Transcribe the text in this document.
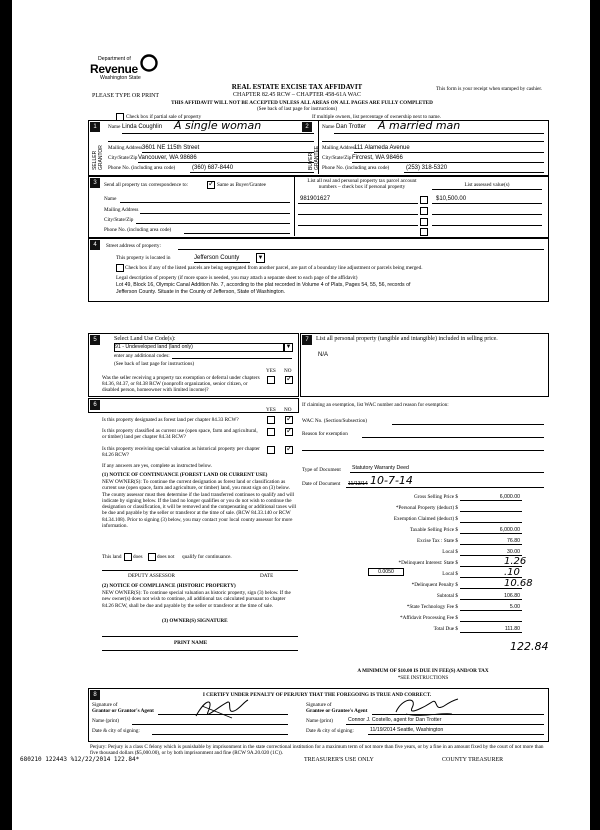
Department of
Revenue
Washington State
PLEASE TYPE OR PRINT
REAL ESTATE EXCISE TAX AFFIDAVIT
CHAPTER 82.45 RCW – CHAPTER 458-61A WAC
THIS AFFIDAVIT WILL NOT BE ACCEPTED UNLESS ALL AREAS ON ALL PAGES ARE FULLY COMPLETED
(See back of last page for instructions)
This form is your receipt when stamped by cashier.
Check box if partial sale of property	If multiple owners, list percentage of ownership next to name.
1
SELLER GRANTOR
Name Linda Coughlin A single woman
Mailing Address 3601 NE 115th Street
City/State/Zip Vancouver, WA 98686
Phone No. (including area code)	(360) 687-8440
2
BUYER GRANTEE
Name Dan Trotter A married man
Mailing Address
111 Alameda Avenue
City/State/Zip Fircrest, WA 98466
Phone No. (including area code)	(253) 318-5320
3	Send all property tax correspondence to: ✓	Same as Buyer/Grantee
Name
Mailing Address
City/State/Zip
Phone No. (including area code)
List all real and personal property tax parcel account numbers – check box if personal property	List assessed value(s)
981901627	$10,500.00
4	Street address of property:
This property is located in	Jefferson County	▼
Check box if any of the listed parcels are being segregated from another parcel, are part of a boundary line adjustment or parcels being merged.
Legal description of property (if more space is needed, you may attach a separate sheet to each page of the affidavit)
Lot 49, Block 16, Olympic Canal Addition No. 7, according to the plat recorded in Volume 4 of Plats, Pages 54, 55, 56, records of
Jefferson County. Situate in the County of Jefferson, State of Washington.
5	Select Land Use Code(s):
91 - Undeveloped land (land only)	▼
enter any additional codes:
(See back of last page for instructions)
YES NO
Was the seller receiving a property tax exemption or deferral under chapters 84.36, 84.37, or 84.38 RCW (nonprofit organization, senior citizen, or disabled person, homeowner with limited income)?
✓
7	List all personal property (tangible and intangible) included in selling price.
N/A
6
YES NO
Is this property designated as forest land per chapter 84.33 RCW?
✓
Is this property classified as current use (open space, farm and agricultural, or timber) land per chapter 84.34 RCW?
✓
Is this property receiving special valuation as historical property per chapter 84.26 RCW?
✓
If any answers are yes, complete as instructed below.
(1) NOTICE OF CONTINUANCE (FOREST LAND OR CURRENT USE)
NEW OWNER(S): To continue the current designation as forest land or classification as current use (open space, farm and agriculture, or timber) land, you must sign on (3) below. The county assessor must then determine if the land transferred continues to qualify and will indicate by signing below. If the land no longer qualifies or you do not wish to continue the designation or classification, it will be removed and the compensating or additional taxes will be due and payable by the seller or transferor at the time of sale. (RCW 84.33.140 or RCW 84.34.108). Prior to signing (3) below, you may contact your local county assessor for more information.
This land does	does not qualify for continuance.
DEPUTY ASSESSOR	DATE
(2) NOTICE OF COMPLIANCE (HISTORIC PROPERTY)
NEW OWNER(S): To continue special valuation as historic property, sign (3) below. If the new owner(s) does not wish to continue, all additional tax calculated pursuant to chapter 84.26 RCW, shall be due and payable by the seller or transferor at the time of sale.
(3) OWNER(S) SIGNATURE
PRINT NAME
If claiming an exemption, list WAC number and reason for exemption:
WAC No. (Section/Subsection)
Reason for exemption
Type of Document Statutory Warranty Deed
Date of Document 11/13/14 10-7-14
Gross Selling Price $	6,000.00
*Personal Property (deduct) $
Exemption Claimed (deduct) $
Taxable Selling Price $	6,000.00
Excise Tax : State $	76.80
Local $	30.00
*Delinquent Interest: State $	1.26
Local $	.10
*Delinquent Penalty $	10.68
Subtotal $	106.80
*State Technology Fee $	5.00
*Affidavit Processing Fee $
Total Due $	111.80
0.0050
122.84
A MINIMUM OF $10.00 IS DUE IN FEE(S) AND/OR TAX
*SEE INSTRUCTIONS
8	I CERTIFY UNDER PENALTY OF PERJURY THAT THE FOREGOING IS TRUE AND CORRECT.
Signature of
Grantor or Grantor's Agent
Name (print)
Date & city of signing:
Signature of
Grantee or Grantee's Agent
Name (print)	Connor J. Costello, agent for Dan Trotter
Date & city of signing:	11/19/2014 Seattle, Washington
Perjury: Perjury is a class C felony which is punishable by imprisonment in the state correctional institution for a maximum term of not more than five years, or by a fine in an amount fixed by the court of not more than five thousand dollars ($5,000.00), or by both imprisonment and fine (RCW 9A.20.020 (1C)).
680210 122443 %12/22/2014 122.84*	TREASURER'S USE ONLY	COUNTY TREASURER
